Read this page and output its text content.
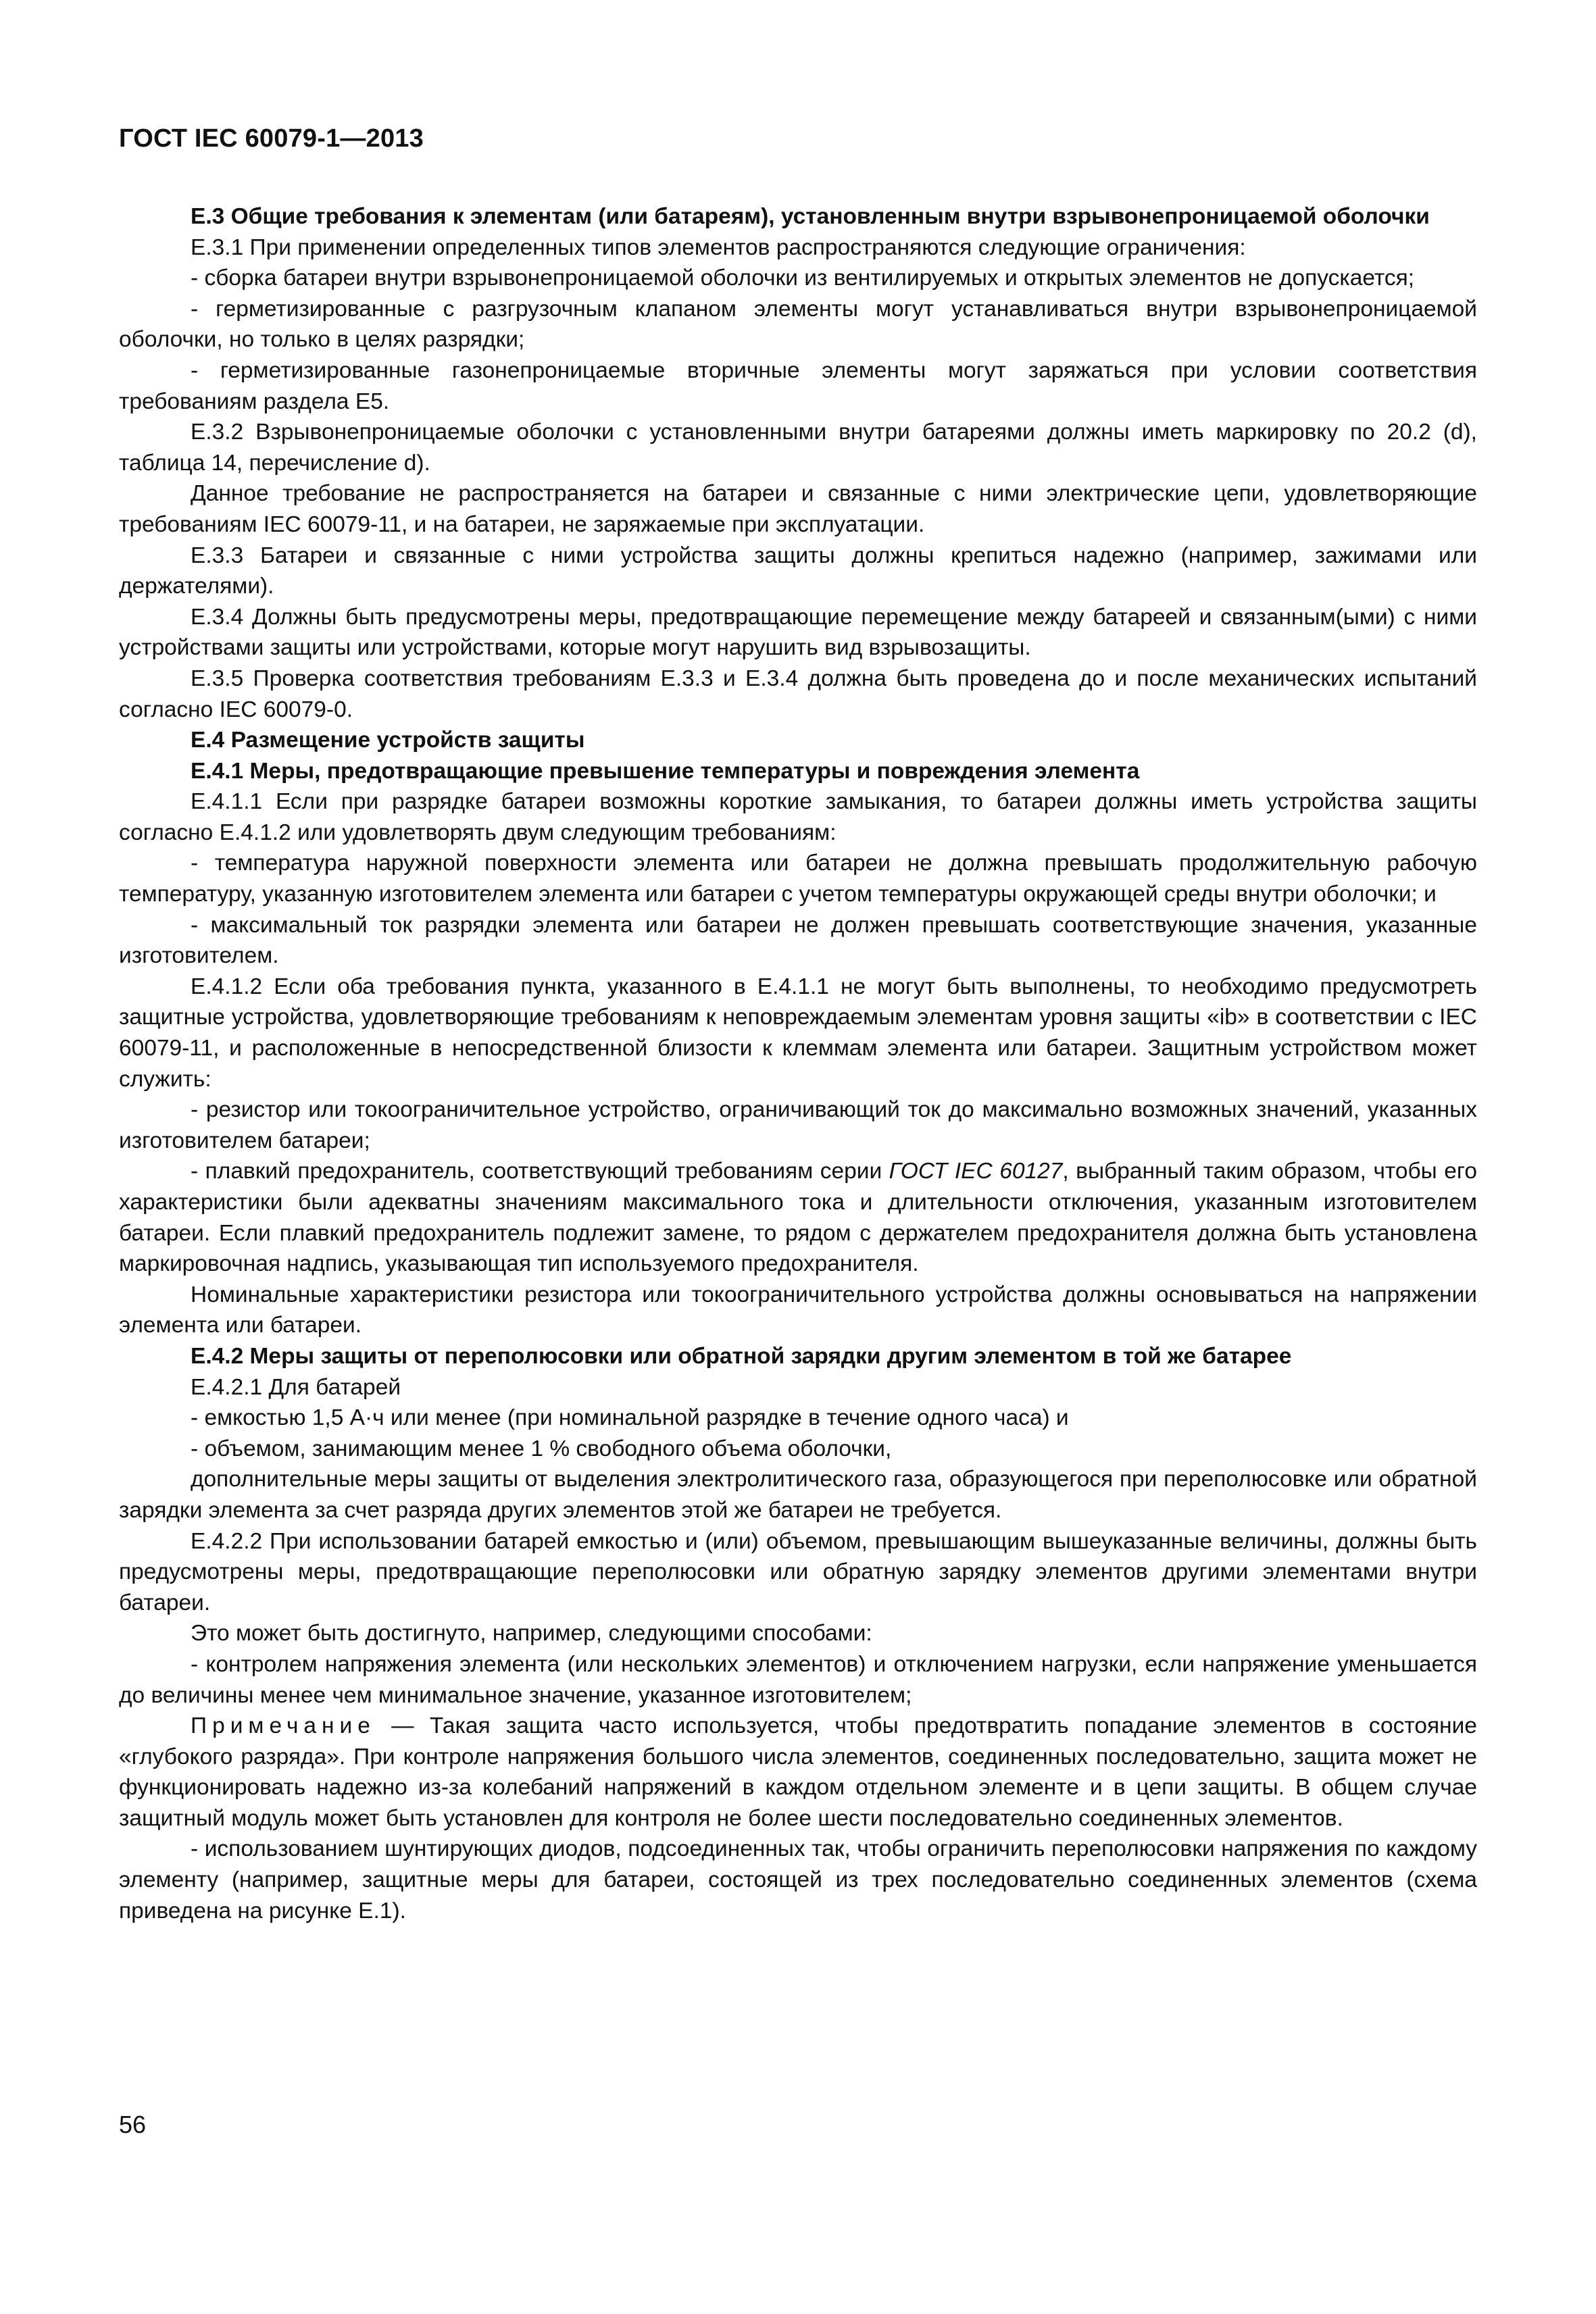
ГОСТ IEC 60079-1—2013

Е.3 Общие требования к элементам (или батареям), установленным внутри взрывонепроницаемой оболочки

Е.3.1 При применении определенных типов элементов распространяются следующие ограничения:

- сборка батареи внутри взрывонепроницаемой оболочки из вентилируемых и открытых элементов не допускается;

- герметизированные с разгрузочным клапаном элементы могут устанавливаться внутри взрывонепроницаемой оболочки, но только в целях разрядки;

- герметизированные газонепроницаемые вторичные элементы могут заряжаться при условии соответствия требованиям раздела Е5.

Е.3.2 Взрывонепроницаемые оболочки с установленными внутри батареями должны иметь маркировку по 20.2 (d), таблица 14, перечисление d).

Данное требование не распространяется на батареи и связанные с ними электрические цепи, удовлетворяющие требованиям IEC 60079-11, и на батареи, не заряжаемые при эксплуатации.

Е.3.3 Батареи и связанные с ними устройства защиты должны крепиться надежно (например, зажимами или держателями).

Е.3.4 Должны быть предусмотрены меры, предотвращающие перемещение между батареей и связанным(ыми) с ними устройствами защиты или устройствами, которые могут нарушить вид взрывозащиты.

Е.3.5 Проверка соответствия требованиям Е.3.3 и Е.3.4 должна быть проведена до и после механических испытаний согласно IEC 60079-0.

Е.4 Размещение устройств защиты

Е.4.1 Меры, предотвращающие превышение температуры и повреждения элемента

Е.4.1.1 Если при разрядке батареи возможны короткие замыкания, то батареи должны иметь устройства защиты согласно Е.4.1.2 или удовлетворять двум следующим требованиям:

- температура наружной поверхности элемента или батареи не должна превышать продолжительную рабочую температуру, указанную изготовителем элемента или батареи с учетом температуры окружающей среды внутри оболочки; и

- максимальный ток разрядки элемента или батареи не должен превышать соответствующие значения, указанные изготовителем.

Е.4.1.2 Если оба требования пункта, указанного в Е.4.1.1 не могут быть выполнены, то необходимо предусмотреть защитные устройства, удовлетворяющие требованиям к неповреждаемым элементам уровня защиты «ib» в соответствии с IEC 60079-11, и расположенные в непосредственной близости к клеммам элемента или батареи. Защитным устройством может служить:

- резистор или токоограничительное устройство, ограничивающий ток до максимально возможных значений, указанных изготовителем батареи;

- плавкий предохранитель, соответствующий требованиям серии ГОСТ IEC 60127, выбранный таким образом, чтобы его характеристики были адекватны значениям максимального тока и длительности отключения, указанным изготовителем батареи. Если плавкий предохранитель подлежит замене, то рядом с держателем предохранителя должна быть установлена маркировочная надпись, указывающая тип используемого предохранителя.

Номинальные характеристики резистора или токоограничительного устройства должны основываться на напряжении элемента или батареи.

Е.4.2 Меры защиты от переполюсовки или обратной зарядки другим элементом в той же батарее

Е.4.2.1 Для батарей

- емкостью 1,5 А·ч или менее (при номинальной разрядке в течение одного часа) и

- объемом, занимающим менее 1 % свободного объема оболочки,

дополнительные меры защиты от выделения электролитического газа, образующегося при переполюсовке или обратной зарядки элемента за счет разряда других элементов этой же батареи не требуется.

Е.4.2.2 При использовании батарей емкостью и (или) объемом, превышающим вышеуказанные величины, должны быть предусмотрены меры, предотвращающие переполюсовки или обратную зарядку элементов другими элементами внутри батареи.

Это может быть достигнуто, например, следующими способами:

- контролем напряжения элемента (или нескольких элементов) и отключением нагрузки, если напряжение уменьшается до величины менее чем минимальное значение, указанное изготовителем;

Примечание — Такая защита часто используется, чтобы предотвратить попадание элементов в состояние «глубокого разряда». При контроле напряжения большого числа элементов, соединенных последовательно, защита может не функционировать надежно из-за колебаний напряжений в каждом отдельном элементе и в цепи защиты. В общем случае защитный модуль может быть установлен для контроля не более шести последовательно соединенных элементов.

- использованием шунтирующих диодов, подсоединенных так, чтобы ограничить переполюсовки напряжения по каждому элементу (например, защитные меры для батареи, состоящей из трех последовательно соединенных элементов (схема приведена на рисунке Е.1).

56
